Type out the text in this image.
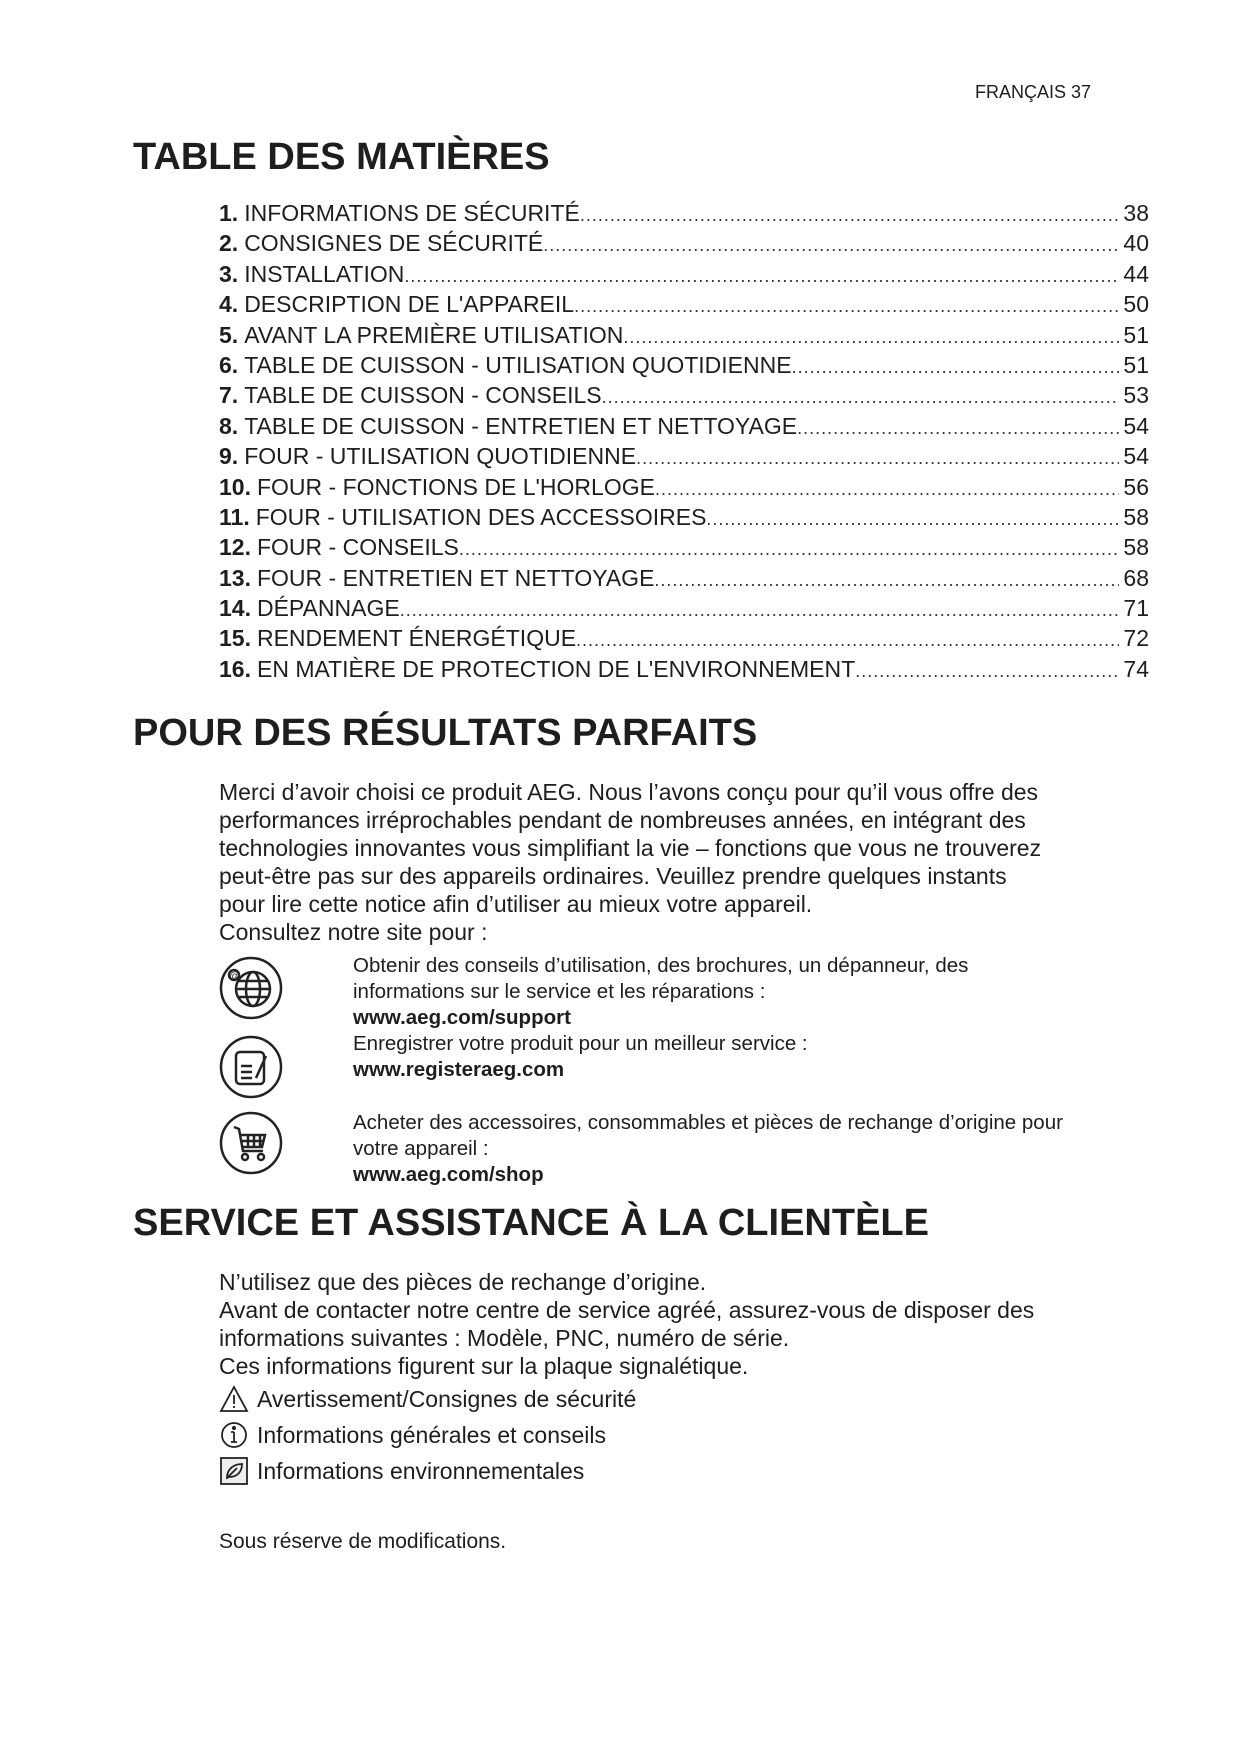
FRANÇAIS 37
TABLE DES MATIÈRES
1. INFORMATIONS DE SÉCURITÉ .....	38
2. CONSIGNES DE SÉCURITÉ .....	40
3. INSTALLATION .....	44
4. DESCRIPTION DE L'APPAREIL .....	50
5. AVANT LA PREMIÈRE UTILISATION .....	51
6. TABLE DE CUISSON - UTILISATION QUOTIDIENNE .....	51
7. TABLE DE CUISSON - CONSEILS .....	53
8. TABLE DE CUISSON - ENTRETIEN ET NETTOYAGE .....	54
9. FOUR - UTILISATION QUOTIDIENNE .....	54
10. FOUR - FONCTIONS DE L'HORLOGE .....	56
11. FOUR - UTILISATION DES ACCESSOIRES .....	58
12. FOUR - CONSEILS .....	58
13. FOUR - ENTRETIEN ET NETTOYAGE .....	68
14. DÉPANNAGE .....	71
15. RENDEMENT ÉNERGÉTIQUE .....	72
16. EN MATIÈRE DE PROTECTION DE L'ENVIRONNEMENT .....	74
POUR DES RÉSULTATS PARFAITS
Merci d’avoir choisi ce produit AEG. Nous l’avons conçu pour qu’il vous offre des
performances irréprochables pendant de nombreuses années, en intégrant des
technologies innovantes vous simplifiant la vie – fonctions que vous ne trouverez
peut-être pas sur des appareils ordinaires. Veuillez prendre quelques instants
pour lire cette notice afin d’utiliser au mieux votre appareil.
Consultez notre site pour :
@	Obtenir des conseils d’utilisation, des brochures, un dépanneur, des
informations sur le service et les réparations :
www.aeg.com/support
Enregistrer votre produit pour un meilleur service :
www.registeraeg.com
Acheter des accessoires, consommables et pièces de rechange d’origine pour
votre appareil :
www.aeg.com/shop
SERVICE ET ASSISTANCE À LA CLIENTÈLE
N’utilisez que des pièces de rechange d’origine.
Avant de contacter notre centre de service agréé, assurez-vous de disposer des
informations suivantes : Modèle, PNC, numéro de série.
Ces informations figurent sur la plaque signalétique.
Avertissement/Consignes de sécurité
Informations générales et conseils
Informations environnementales
Sous réserve de modifications.
